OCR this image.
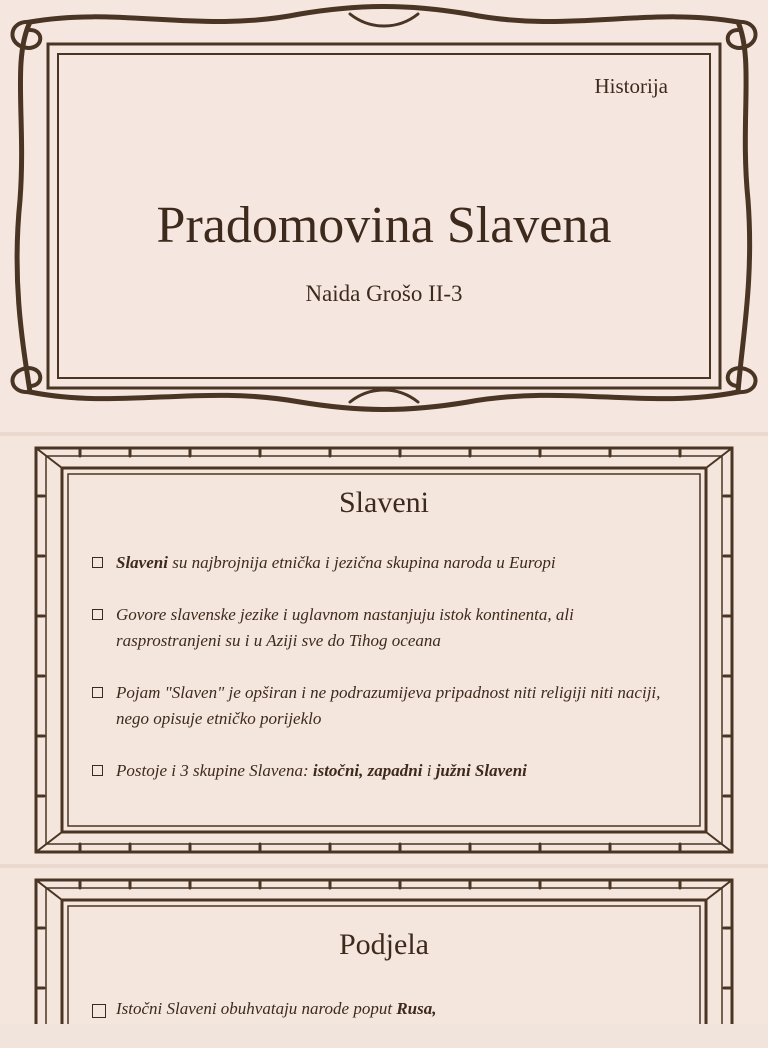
Historija
Pradomovina Slavena
Naida Grošo II-3
Slaveni
Slaveni su najbrojnija etnička i jezična skupina naroda u Europi
Govore slavenske jezike i uglavnom nastanjuju istok kontinenta, ali rasprostranjeni su i u Aziji sve do Tihog oceana
Pojam "Slaven" je opširan i ne podrazumijeva pripadnost niti religiji niti naciji, nego opisuje etničko porijeklo
Postoje i 3 skupine Slavena: istočni, zapadni i južni Slaveni
Podjela
Istočni Slaveni obuhvataju narode poput Rusa,
